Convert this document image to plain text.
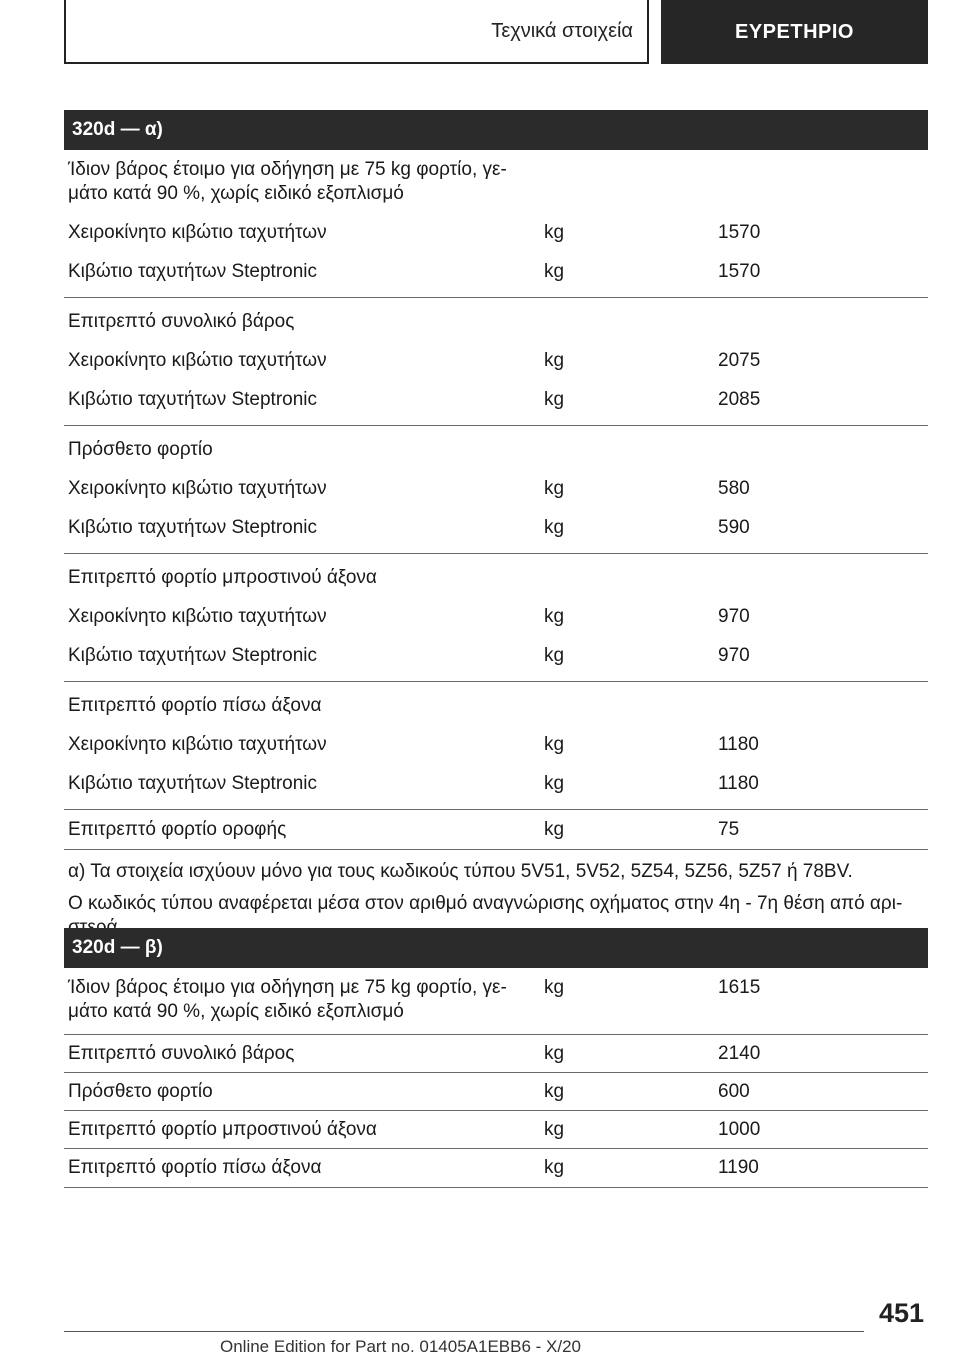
Τεχνικά στοιχεία	ΕΥΡΕΤΗΡΙΟ
320d — α)
Ίδιον βάρος έτοιμο για οδήγηση με 75 kg φορτίο, γε-
μάτο κατά 90 %, χωρίς ειδικό εξοπλισμό
Χειροκίνητο κιβώτιο ταχυτήτων	kg	1570
Κιβώτιο ταχυτήτων Steptronic	kg	1570
Επιτρεπτό συνολικό βάρος
Χειροκίνητο κιβώτιο ταχυτήτων	kg	2075
Κιβώτιο ταχυτήτων Steptronic	kg	2085
Πρόσθετο φορτίο
Χειροκίνητο κιβώτιο ταχυτήτων	kg	580
Κιβώτιο ταχυτήτων Steptronic	kg	590
Επιτρεπτό φορτίο μπροστινού άξονα
Χειροκίνητο κιβώτιο ταχυτήτων	kg	970
Κιβώτιο ταχυτήτων Steptronic	kg	970
Επιτρεπτό φορτίο πίσω άξονα
Χειροκίνητο κιβώτιο ταχυτήτων	kg	1180
Κιβώτιο ταχυτήτων Steptronic	kg	1180
Επιτρεπτό φορτίο οροφής	kg	75

α) Τα στοιχεία ισχύουν μόνο για τους κωδικούς τύπου 5V51, 5V52, 5Z54, 5Z56, 5Z57 ή 78BV.

Ο κωδικός τύπου αναφέρεται μέσα στον αριθμό αναγνώρισης οχήματος στην 4η - 7η θέση από αρι-

320d — β)
Ίδιον βάρος έτοιμο για οδήγηση με 75 kg φορτίο, γε-
μάτο κατά 90 %, χωρίς ειδικό εξοπλισμό
kg	1615
Επιτρεπτό συνολικό βάρος	kg	2140
Πρόσθετο φορτίο	kg	600
Επιτρεπτό φορτίο μπροστινού άξονα	kg	1000
Επιτρεπτό φορτίο πίσω άξονα	kg	1190
451
Online Edition for Part no. 01405A1EBB6 - X/20
